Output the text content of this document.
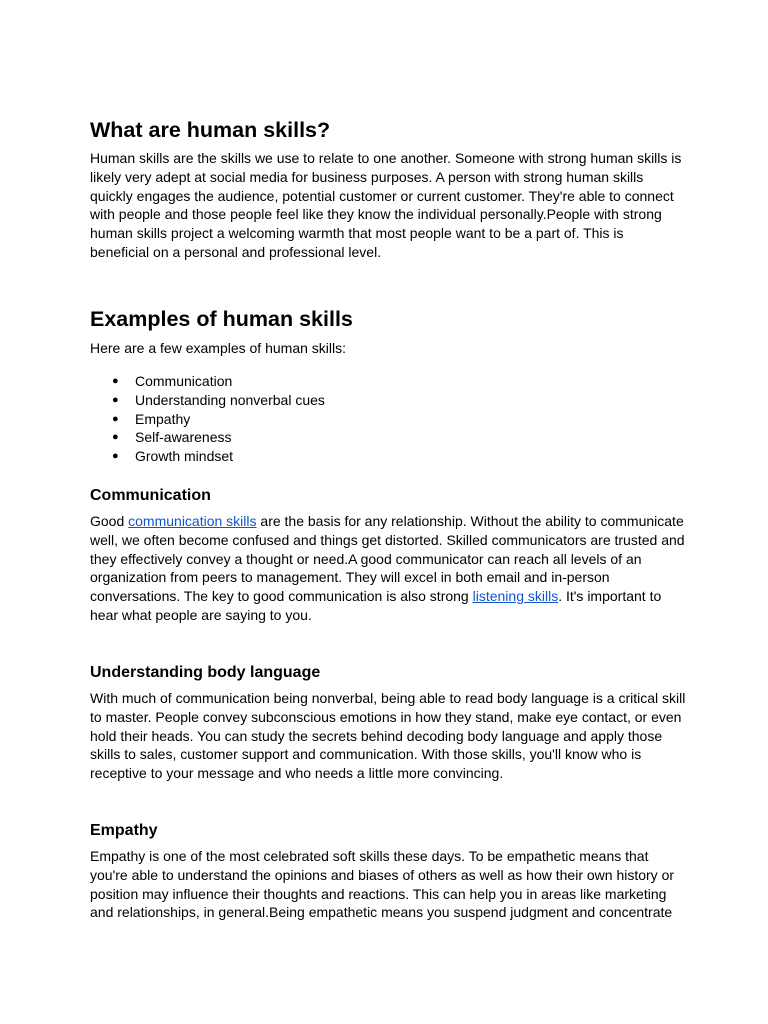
What are human skills?

Human skills are the skills we use to relate to one another. Someone with strong human skills is
likely very adept at social media for business purposes. A person with strong human skills
quickly engages the audience, potential customer or current customer. They're able to connect
with people and those people feel like they know the individual personally.People with strong
human skills project a welcoming warmth that most people want to be a part of. This is
beneficial on a personal and professional level.

Examples of human skills

Here are a few examples of human skills:

● Communication
● Understanding nonverbal cues
● Empathy
● Self-awareness
● Growth mindset
Communication

Good communication skills are the basis for any relationship. Without the ability to communicate
well, we often become confused and things get distorted. Skilled communicators are trusted and
they effectively convey a thought or need.A good communicator can reach all levels of an
organization from peers to management. They will excel in both email and in-person
conversations. The key to good communication is also strong listening skills. It's important to
hear what people are saying to you.

Understanding body language

With much of communication being nonverbal, being able to read body language is a critical skill
to master. People convey subconscious emotions in how they stand, make eye contact, or even
hold their heads. You can study the secrets behind decoding body language and apply those
skills to sales, customer support and communication. With those skills, you'll know who is
receptive to your message and who needs a little more convincing.

Empathy

Empathy is one of the most celebrated soft skills these days. To be empathetic means that
you're able to understand the opinions and biases of others as well as how their own history or
position may influence their thoughts and reactions. This can help you in areas like marketing
and relationships, in general.Being empathetic means you suspend judgment and concentrate
